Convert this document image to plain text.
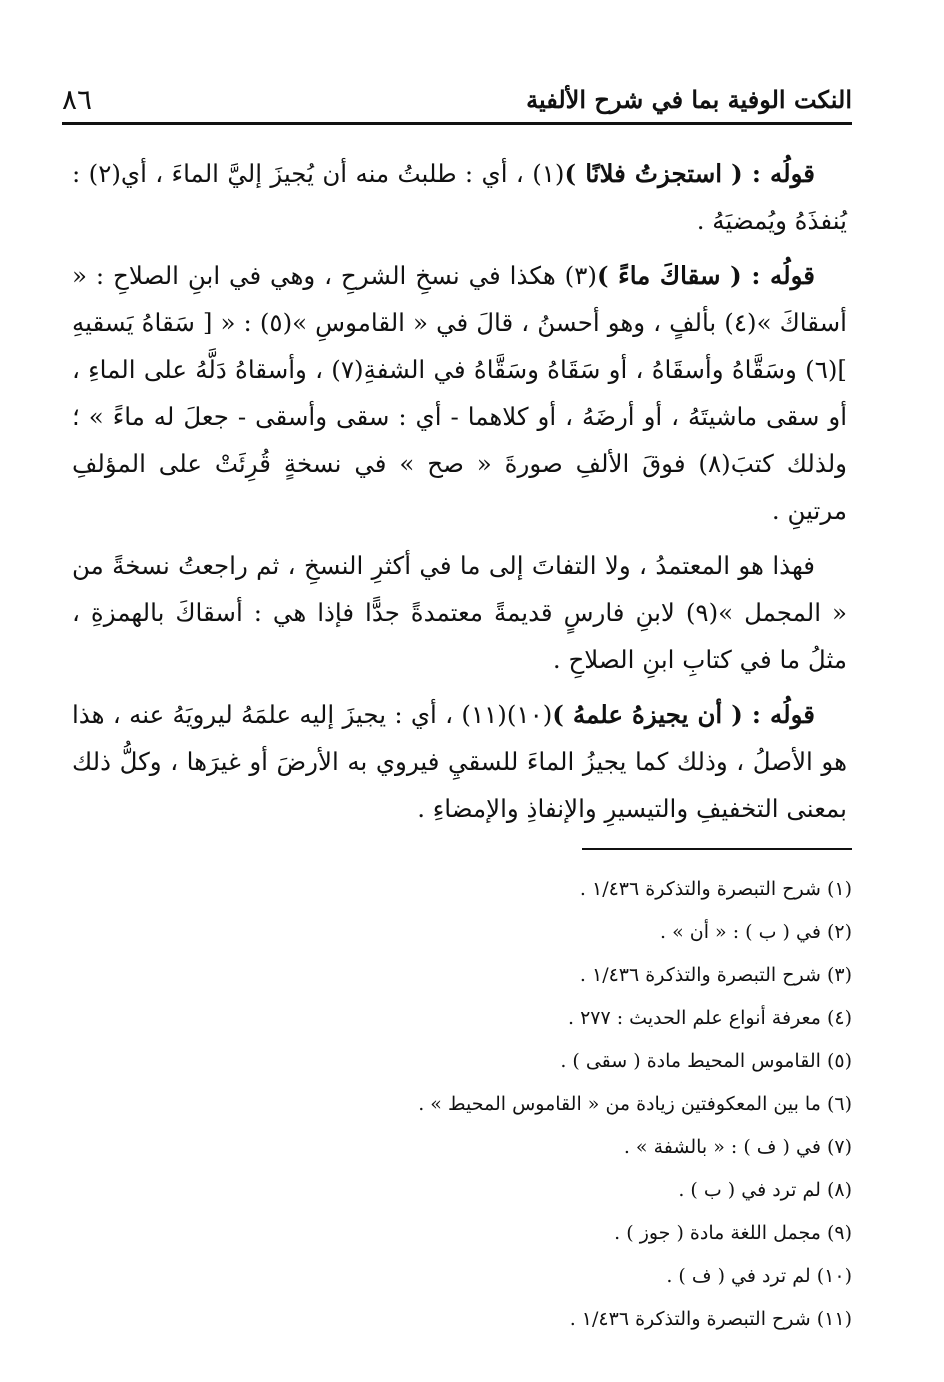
النكت الوفية بما في شرح الألفية
٨٦

قولُه : ( استجزتُ فلانًا )(١) ، أي : طلبتُ منه أن يُجيزَ إليَّ الماءَ ، أي(٢) : يُنفذَهُ ويُمضيَهُ .

قولُه : ( سقاكَ ماءً )(٣) هكذا في نسخِ الشرحِ ، وهي في ابنِ الصلاحِ : « أسقاكَ »(٤) بألفٍ ، وهو أحسنُ ، قالَ في « القاموسِ »(٥) : « [ سَقاهُ يَسقيهِ ](٦) وسَقَّاهُ وأسقَاهُ ، أو سَقَاهُ وسَقَّاهُ في الشفةِ(٧) ، وأسقاهُ دَلَّهُ على الماءِ ، أو سقى ماشيتَهُ ، أو أرضَهُ ، أو كلاهما - أي : سقى وأسقى - جعلَ له ماءً » ؛ ولذلك كتبَ(٨) فوقَ الألفِ صورةَ « صح » في نسخةٍ قُرِئَتْ على المؤلفِ مرتينِ .

فهذا هو المعتمدُ ، ولا التفاتَ إلى ما في أكثرِ النسخِ ، ثم راجعتُ نسخةً من « المجمل »(٩) لابنِ فارسٍ قديمةً معتمدةً جدًّا فإذا هي : أسقاكَ بالهمزةِ ، مثلُ ما في كتابِ ابنِ الصلاحِ .

قولُه : ( أن يجيزهُ علمهُ )(١٠)(١١) ، أي : يجيزَ إليه علمَهُ ليرويَهُ عنه ، هذا هو الأصلُ ، وذلك كما يجيزُ الماءَ للسقيِ فيروي به الأرضَ أو غيرَها ، وكلُّ ذلك بمعنى التخفيفِ والتيسيرِ والإنفاذِ والإمضاءِ .

(١) شرح التبصرة والتذكرة ١/٤٣٦ .

(٢) في ( ب ) : « أن » .

(٣) شرح التبصرة والتذكرة ١/٤٣٦ .

(٤) معرفة أنواع علم الحديث : ٢٧٧ .

(٥) القاموس المحيط مادة ( سقى ) .

(٦) ما بين المعكوفتين زيادة من « القاموس المحيط » .

(٧) في ( ف ) : « بالشفة » .

(٨) لم ترد في ( ب ) .

(٩) مجمل اللغة مادة ( جوز ) .

(١٠) لم ترد في ( ف ) .

(١١) شرح التبصرة والتذكرة ١/٤٣٦ .
